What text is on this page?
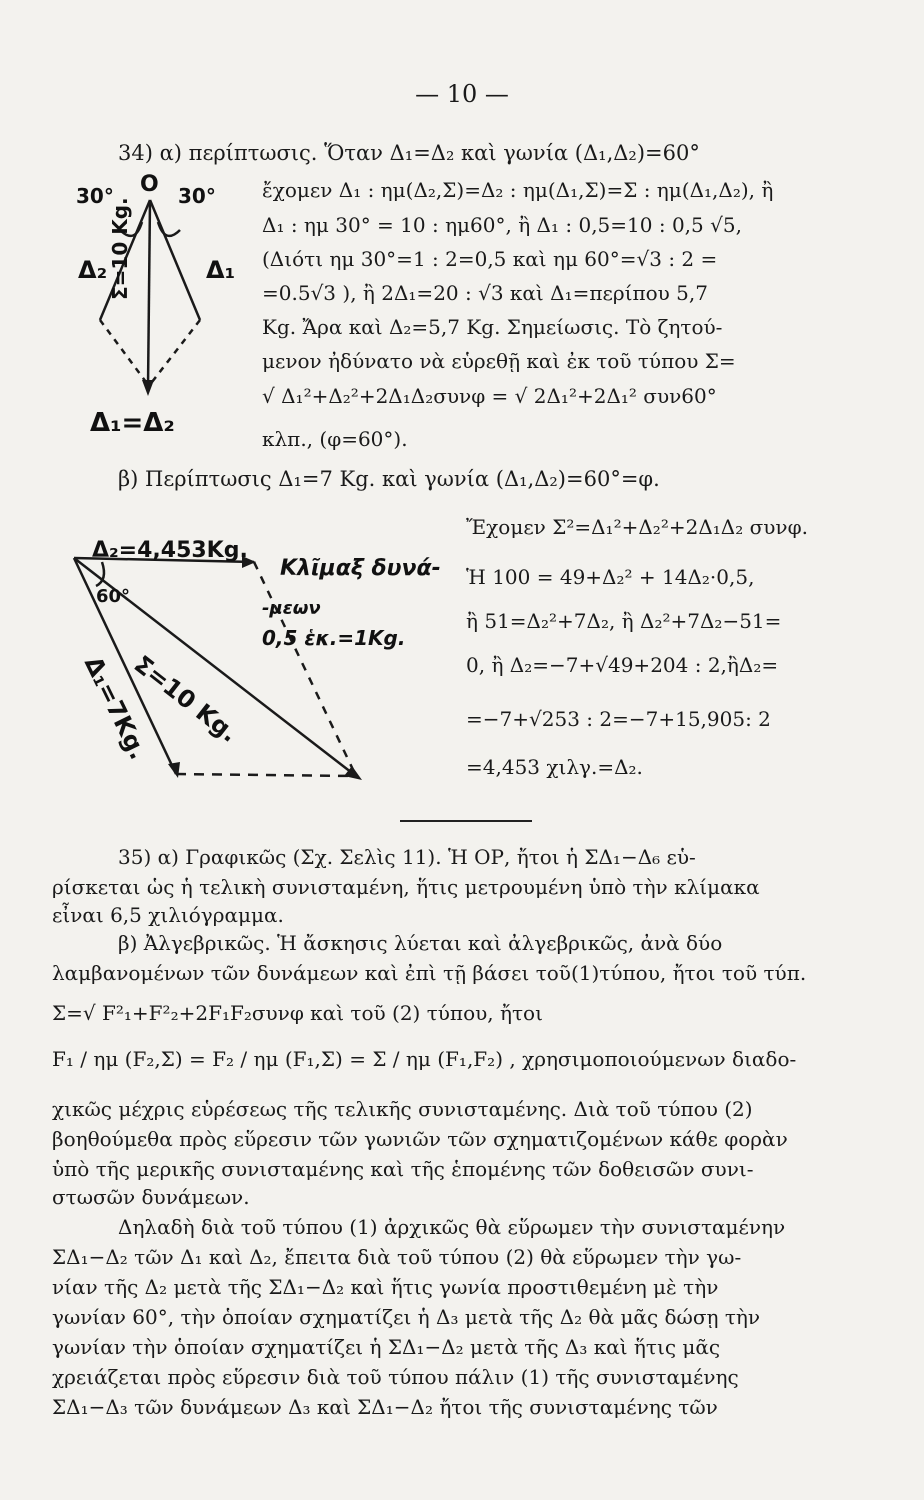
— 10 —
34) α) περίπτωσις. Ὅταν Δ₁=Δ₂ καὶ γωνία (Δ₁,Δ₂)=60°
ἔχομεν Δ₁ : ημ(Δ₂,Σ)=Δ₂ : ημ(Δ₁,Σ)=Σ : ημ(Δ₁,Δ₂), ἢ
Δ₁ : ημ 30° = 10 : ημ60°, ἢ Δ₁ : 0,5=10 : 0,5 √5,
(Διότι ημ 30°=1 : 2=0,5 καὶ ημ 60°=√3 : 2 =
=0.5√3 ), ἢ 2Δ₁=20 : √3 καὶ Δ₁=περίπου 5,7
Kg. Ἄρα καὶ Δ₂=5,7 Kg. Σημείωσις. Τὸ ζητού-
μενον ἠδύνατο νὰ εὑρεθῇ καὶ ἐκ τοῦ τύπου Σ=
√ Δ₁²+Δ₂²+2Δ₁Δ₂συνφ = √ 2Δ₁²+2Δ₁² συν60°
κλπ., (φ=60°).
30°	30°
O
Δ₂	Δ₁
Σ=10 Kg.
Δ₁=Δ₂
β) Περίπτωσις Δ₁=7 Kg. καὶ γωνία (Δ₁,Δ₂)=60°=φ.
Ἔχομεν Σ²=Δ₁²+Δ₂²+2Δ₁Δ₂ συνφ.
Ἡ 100 = 49+Δ₂² + 14Δ₂·0,5,
ἢ 51=Δ₂²+7Δ₂, ἢ Δ₂²+7Δ₂−51=
0, ἢ Δ₂=−7+√49+204 : 2,ἢΔ₂=
=−7+√253 : 2=−7+15,905: 2
=4,453 χιλγ.=Δ₂.
Δ₂=4,453Kg.
60°
Σ=10 Kg.
Δ₁=7Kg.
Κλῖμαξ δυνά-
-μεων
0,5 ἑκ.=1Kg.
35) α) Γραφικῶς (Σχ. Σελὶς 11). Ἡ ΟΡ, ἤτοι ἡ ΣΔ₁−Δ₆ εὑ-
ρίσκεται ὡς ἡ τελικὴ συνισταμένη, ἥτις μετρουμένη ὑπὸ τὴν κλίμακα
εἶναι 6,5 χιλιόγραμμα.
β) Ἀλγεβρικῶς. Ἡ ἄσκησις λύεται καὶ ἀλγεβρικῶς, ἀνὰ δύο
λαμβανομένων τῶν δυνάμεων καὶ ἐπὶ τῇ βάσει τοῦ(1)τύπου, ἤτοι τοῦ τύπ.
Σ=√ F²₁+F²₂+2F₁F₂συνφ καὶ τοῦ (2) τύπου, ἤτοι
F₁ / ημ (F₂,Σ) = F₂ / ημ (F₁,Σ) = Σ / ημ (F₁,F₂) , χρησιμοποιούμενων διαδο-
χικῶς μέχρις εὑρέσεως τῆς τελικῆς συνισταμένης. Διὰ τοῦ τύπου (2)
βοηθούμεθα πρὸς εὕρεσιν τῶν γωνιῶν τῶν σχηματιζομένων κάθε φορὰν
ὑπὸ τῆς μερικῆς συνισταμένης καὶ τῆς ἑπομένης τῶν δοθεισῶν συνι-
στωσῶν δυνάμεων.
Δηλαδὴ διὰ τοῦ τύπου (1) ἀρχικῶς θὰ εὕρωμεν τὴν συνισταμένην
ΣΔ₁−Δ₂ τῶν Δ₁ καὶ Δ₂, ἔπειτα διὰ τοῦ τύπου (2) θὰ εὕρωμεν τὴν γω-
νίαν τῆς Δ₂ μετὰ τῆς ΣΔ₁−Δ₂ καὶ ἥτις γωνία προστιθεμένη μὲ τὴν
γωνίαν 60°, τὴν ὁποίαν σχηματίζει ἡ Δ₃ μετὰ τῆς Δ₂ θὰ μᾶς δώσῃ τὴν
γωνίαν τὴν ὁποίαν σχηματίζει ἡ ΣΔ₁−Δ₂ μετὰ τῆς Δ₃ καὶ ἥτις μᾶς
χρειάζεται πρὸς εὕρεσιν διὰ τοῦ τύπου πάλιν (1) τῆς συνισταμένης
ΣΔ₁−Δ₃ τῶν δυνάμεων Δ₃ καὶ ΣΔ₁−Δ₂ ἤτοι τῆς συνισταμένης τῶν
